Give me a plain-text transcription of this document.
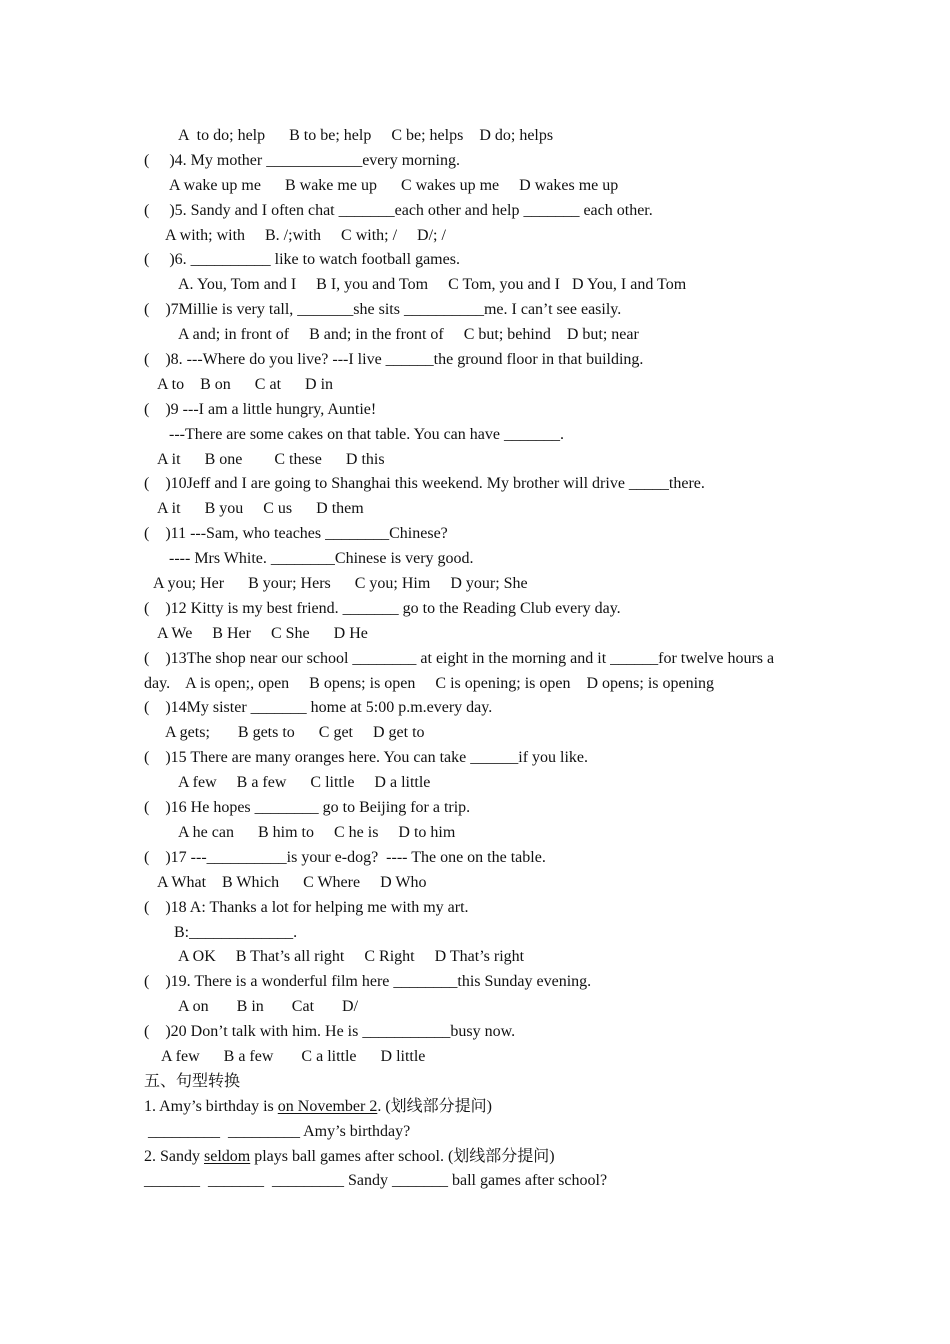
A  to do; help      B to be; help     C be; helps    D do; helps
(     )4. My mother ____________every morning.
A wake up me      B wake me up      C wakes up me     D wakes me up
(     )5. Sandy and I often chat _______each other and help _______ each other.
A with; with     B. /;with     C with; /     D/; /
(     )6. __________ like to watch football games.
A. You, Tom and I     B I, you and Tom     C Tom, you and I   D You, I and Tom
(    )7Millie is very tall, _______she sits __________me. I can’t see easily.
A and; in front of     B and; in the front of     C but; behind    D but; near
(    )8. ---Where do you live? ---I live ______the ground floor in that building.
A to    B on      C at      D in
(    )9 ---I am a little hungry, Auntie!
---There are some cakes on that table. You can have _______.
A it      B one        C these      D this
(    )10Jeff and I are going to Shanghai this weekend. My brother will drive _____there.
A it      B you     C us      D them
(    )11 ---Sam, who teaches ________Chinese?
---- Mrs White. ________Chinese is very good.
A you; Her      B your; Hers      C you; Him     D your; She
(    )12 Kitty is my best friend. _______ go to the Reading Club every day.
A We     B Her     C She      D He
(    )13The shop near our school ________ at eight in the morning and it ______for twelve hours a
day.    A is open;, open     B opens; is open     C is opening; is open    D opens; is opening
(    )14My sister _______ home at 5:00 p.m.every day.
A gets;       B gets to      C get     D get to
(    )15 There are many oranges here. You can take ______if you like.
A few     B a few      C little     D a little
(    )16 He hopes ________ go to Beijing for a trip.
A he can      B him to     C he is     D to him
(    )17 ---__________is your e-dog?  ---- The one on the table.
A What    B Which      C Where     D Who
(    )18 A: Thanks a lot for helping me with my art.
B:_____________.
A OK     B That’s all right     C Right     D That’s right
(    )19. There is a wonderful film here ________this Sunday evening.
A on       B in       Cat       D/
(    )20 Don’t talk with him. He is ___________busy now.
A few      B a few       C a little      D little
五、句型转换
1. Amy’s birthday is on November 2. (划线部分提问)
_________  _________ Amy’s birthday?
2. Sandy seldom plays ball games after school. (划线部分提问)
_______  _______  _________ Sandy _______ ball games after school?
